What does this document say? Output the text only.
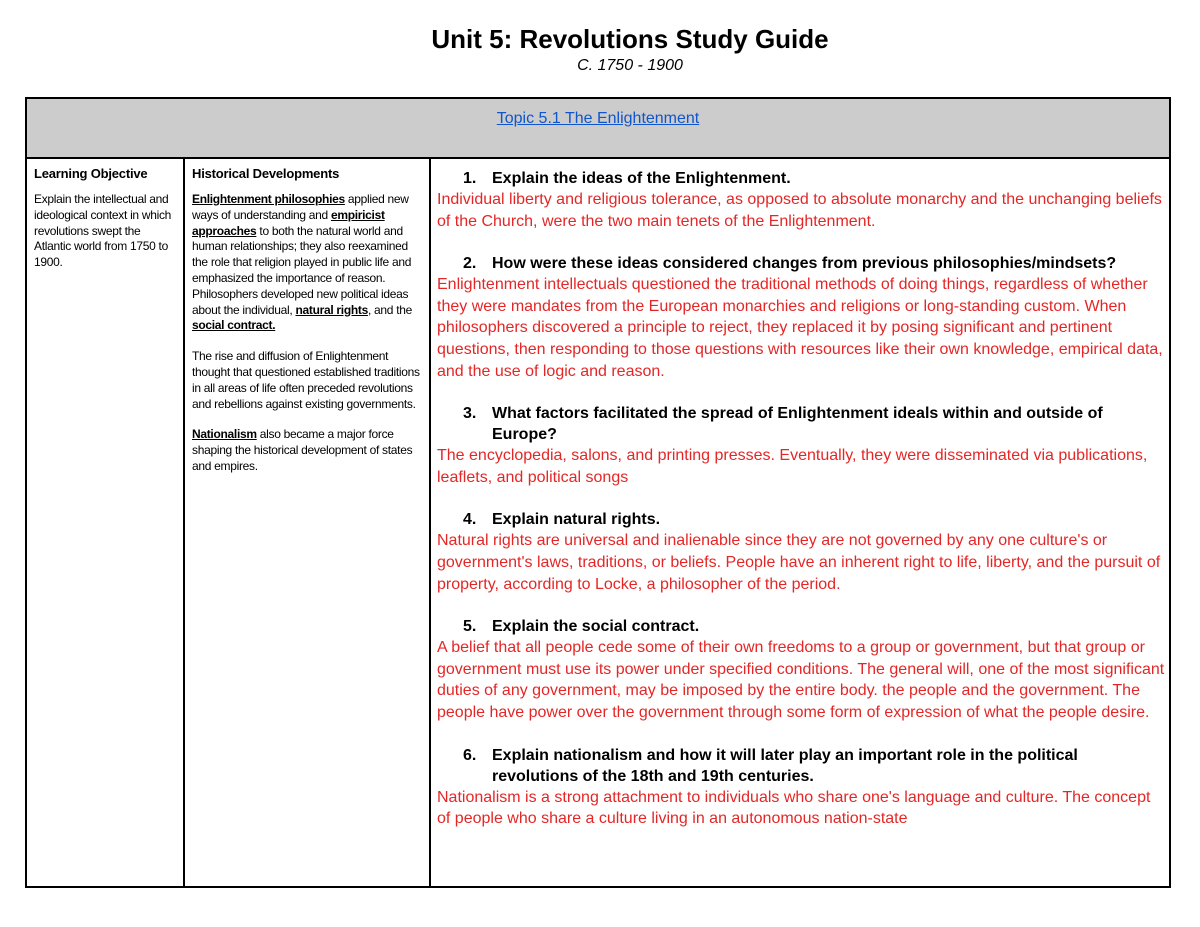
Unit 5: Revolutions Study Guide
C. 1750 - 1900
Topic 5.1 The Enlightenment

Learning Objective

Explain the intellectual and ideological context in which revolutions swept the Atlantic world from 1750 to 1900.

Historical Developments

Enlightenment philosophies applied new ways of understanding and empiricist approaches to both the natural world and human relationships; they also reexamined the role that religion played in public life and emphasized the importance of reason. Philosophers developed new political ideas about the individual, natural rights, and the social contract.

The rise and diffusion of Enlightenment thought that questioned established traditions in all areas of life often preceded revolutions and rebellions against existing governments.

Nationalism also became a major force shaping the historical development of states and empires.

1. Explain the ideas of the Enlightenment.

Individual liberty and religious tolerance, as opposed to absolute monarchy and the unchanging beliefs of the Church, were the two main tenets of the Enlightenment.

2. How were these ideas considered changes from previous philosophies/mindsets?

Enlightenment intellectuals questioned the traditional methods of doing things, regardless of whether they were mandates from the European monarchies and religions or long-standing custom. When philosophers discovered a principle to reject, they replaced it by posing significant and pertinent questions, then responding to those questions with resources like their own knowledge, empirical data, and the use of logic and reason.

3. What factors facilitated the spread of Enlightenment ideals within and outside of Europe?

The encyclopedia, salons, and printing presses. Eventually, they were disseminated via publications, leaflets, and political songs

4. Explain natural rights.

Natural rights are universal and inalienable since they are not governed by any one culture's or government's laws, traditions, or beliefs. People have an inherent right to life, liberty, and the pursuit of property, according to Locke, a philosopher of the period.

5. Explain the social contract.

A belief that all people cede some of their own freedoms to a group or government, but that group or government must use its power under specified conditions. The general will, one of the most significant duties of any government, may be imposed by the entire body. the people and the government. The people have power over the government through some form of expression of what the people desire.

6. Explain nationalism and how it will later play an important role in the political revolutions of the 18th and 19th centuries.

Nationalism is a strong attachment to individuals who share one's language and culture. The concept of people who share a culture living in an autonomous nation-state
